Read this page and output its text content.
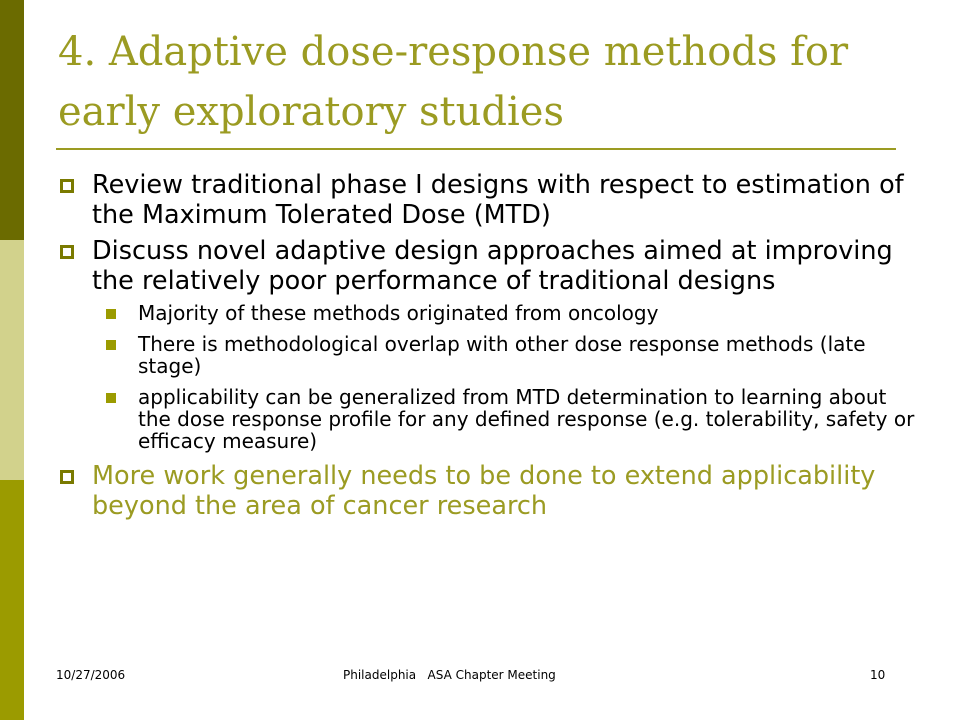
4. Adaptive dose-response methods for early exploratory studies
Review traditional phase I designs with respect to estimation of the Maximum Tolerated Dose (MTD)
Discuss novel adaptive design approaches aimed at improving the relatively poor performance of traditional designs
Majority of these methods originated from oncology
There is methodological overlap with other dose response methods (late stage)
applicability can be generalized from MTD determination to learning about the dose response profile for any defined response (e.g. tolerability, safety or efficacy measure)
More work generally needs to be done to extend applicability beyond the area of cancer research
10/27/2006	Philadelphia   ASA Chapter Meeting	10
